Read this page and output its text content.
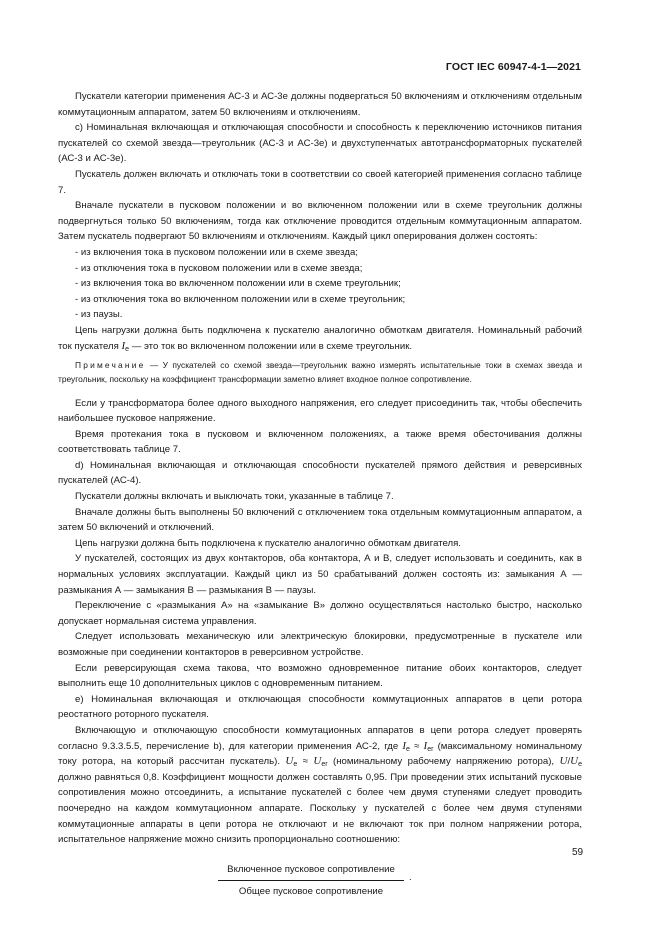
ГОСТ IEC 60947-4-1—2021

Пускатели категории применения АС-3 и АС-3е должны подвергаться 50 включениям и отключениям отдельным коммутационным аппаратом, затем 50 включениям и отключениям.

c) Номинальная включающая и отключающая способности и способность к переключению источников питания пускателей со схемой звезда—треугольник (АС-3 и АС-3е) и двухступенчатых автотрансформаторных пускателей (АС-3 и АС-3е).

Пускатель должен включать и отключать токи в соответствии со своей категорией применения согласно таблице 7.

Вначале пускатели в пусковом положении и во включенном положении или в схеме треугольник должны подвергнуться только 50 включениям, тогда как отключение проводится отдельным коммутационным аппаратом. Затем пускатель подвергают 50 включениям и отключениям. Каждый цикл оперирования должен состоять:

- из включения тока в пусковом положении или в схеме звезда;

- из отключения тока в пусковом положении или в схеме звезда;

- из включения тока во включенном положении или в схеме треугольник;

- из отключения тока во включенном положении или в схеме треугольник;

- из паузы.

Цепь нагрузки должна быть подключена к пускателю аналогично обмоткам двигателя. Номинальный рабочий ток пускателя $I_e$ — это ток во включенном положении или в схеме треугольник.

Примечание — У пускателей со схемой звезда—треугольник важно измерять испытательные токи в схемах звезда и треугольник, поскольку на коэффициент трансформации заметно влияет входное полное сопротивление.

Если у трансформатора более одного выходного напряжения, его следует присоединить так, чтобы обеспечить наибольшее пусковое напряжение.

Время протекания тока в пусковом и включенном положениях, а также время обесточивания должны соответствовать таблице 7.

d) Номинальная включающая и отключающая способности пускателей прямого действия и реверсивных пускателей (АС-4).

Пускатели должны включать и выключать токи, указанные в таблице 7.

Вначале должны быть выполнены 50 включений с отключением тока отдельным коммутационным аппаратом, а затем 50 включений и отключений.

Цепь нагрузки должна быть подключена к пускателю аналогично обмоткам двигателя.

У пускателей, состоящих из двух контакторов, оба контактора, А и В, следует использовать и соединить, как в нормальных условиях эксплуатации. Каждый цикл из 50 срабатываний должен состоять из: замыкания А — размыкания А — замыкания В — размыкания В — паузы.

Переключение с «размыкания А» на «замыкание В» должно осуществляться настолько быстро, насколько допускает нормальная система управления.

Следует использовать механическую или электрическую блокировки, предусмотренные в пускателе или возможные при соединении контакторов в реверсивном устройстве.

Если реверсирующая схема такова, что возможно одновременное питание обоих контакторов, следует выполнить еще 10 дополнительных циклов с одновременным питанием.

e) Номинальная включающая и отключающая способности коммутационных аппаратов в цепи ротора реостатного роторного пускателя.

Включающую и отключающую способности коммутационных аппаратов в цепи ротора следует проверять согласно 9.3.3.5.5, перечисление b), для категории применения АС-2, где $I_e \approx I_{er}$ (максимальному номинальному току ротора, на который рассчитан пускатель). $U_e \approx U_{er}$ (номинальному рабочему напряжению ротора), $U/U_e$ должно равняться 0,8. Коэффициент мощности должен составлять 0,95. При проведении этих испытаний пусковые сопротивления можно отсоединить, а испытание пускателей с более чем двумя ступенями следует проводить поочередно на каждом коммутационном аппарате. Поскольку у пускателей с более чем двумя ступенями коммутационные аппараты в цепи ротора не отключают и не включают ток при полном напряжении ротора, испытательное напряжение можно снизить пропорционально соотношению:

Включенное пусковое сопротивление
Общее пусковое сопротивление
.
59
